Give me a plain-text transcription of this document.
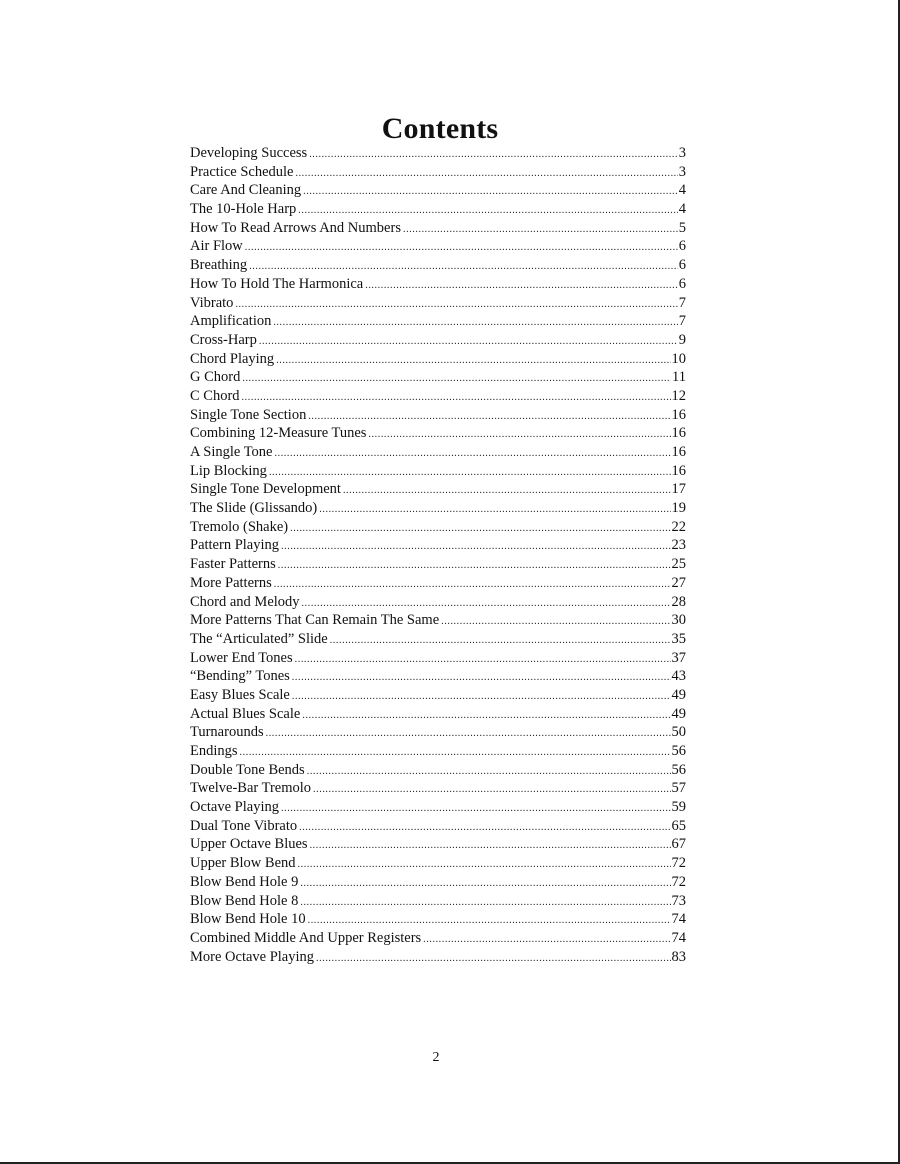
Contents
Developing Success .....	3
Practice Schedule .....	3
Care And Cleaning .....	4
The 10-Hole Harp .....	4
How To Read Arrows And Numbers .....	5
Air Flow .....	6
Breathing .....	6
How To Hold The Harmonica .....	6
Vibrato .....	7
Amplification .....	7
Cross-Harp .....	9
Chord Playing .....	10
G Chord .....	11
C Chord .....	12
Single Tone Section .....	16
Combining 12-Measure Tunes .....	16
A Single Tone .....	16
Lip Blocking .....	16
Single Tone Development .....	17
The Slide (Glissando) .....	19
Tremolo (Shake) .....	22
Pattern Playing .....	23
Faster Patterns .....	25
More Patterns .....	27
Chord and Melody .....	28
More Patterns That Can Remain The Same .....	30
The “Articulated” Slide .....	35
Lower End Tones .....	37
“Bending” Tones .....	43
Easy Blues Scale .....	49
Actual Blues Scale .....	49
Turnarounds .....	50
Endings .....	56
Double Tone Bends .....	56
Twelve-Bar Tremolo .....	57
Octave Playing .....	59
Dual Tone Vibrato .....	65
Upper Octave Blues .....	67
Upper Blow Bend .....	72
Blow Bend Hole 9 .....	72
Blow Bend Hole 8 .....	73
Blow Bend Hole 10 .....	74
Combined Middle And Upper Registers .....	74
More Octave Playing .....	83
2
